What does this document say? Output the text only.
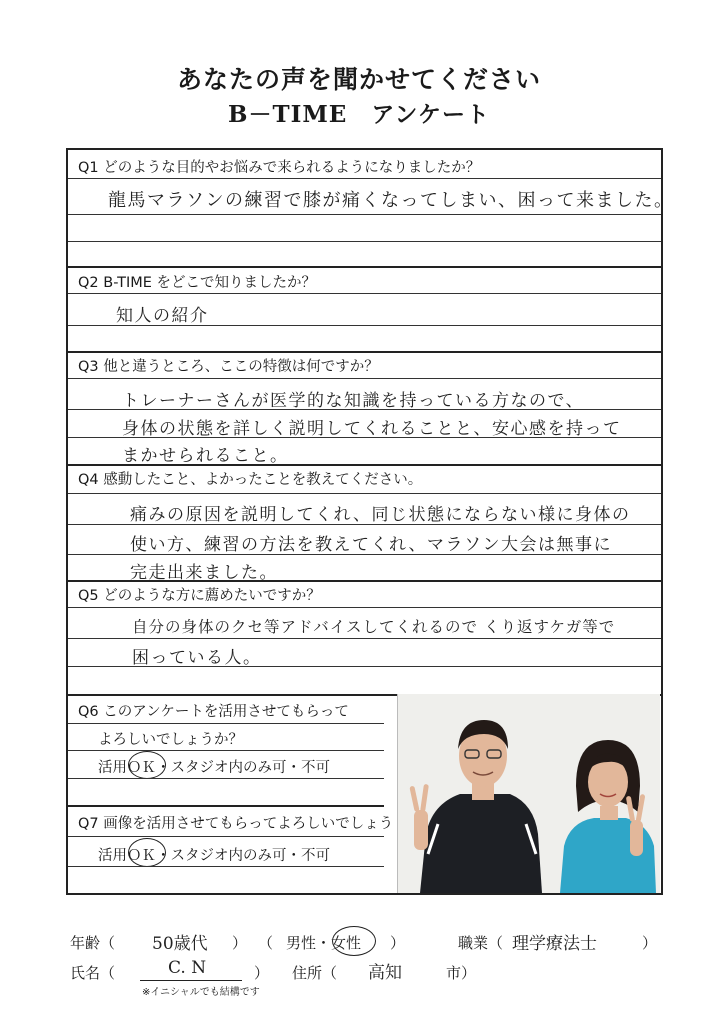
あなたの声を聞かせてください
B－TIME　アンケート
Q1 どのような目的やお悩みで来られるようになりましたか？
龍馬マラソンの練習で膝が痛くなってしまい、困って来ました。
Q2 B-TIME をどこで知りましたか？
知人の紹介
Q3 他と違うところ、ここの特徴は何ですか？
トレーナーさんが医学的な知識を持っている方なので、
身体の状態を詳しく説明してくれることと、安心感を持って
まかせられること。
Q4 感動したこと、よかったことを教えてください。
痛みの原因を説明してくれ、同じ状態にならない様に身体の
使い方、練習の方法を教えてくれ、マラソン大会は無事に
完走出来ました。
Q5 どのような方に薦めたいですか？
自分の身体のクセ等アドバイスしてくれるので くり返すケガ等で
困っている人。
Q6 このアンケートを活用させてもらって
よろしいでしょうか？
活用ＯＫ・スタジオ内のみ可・不可
Q7 画像を活用させてもらってよろしいでしょう
活用ＯＫ・スタジオ内のみ可・不可
年齢（ 50歳代 ） （ 男性・女性 ）	職業（ 理学療法士	）
氏名（	C. N	）
※イニシャルでも結構です
住所（ 高知	市）
